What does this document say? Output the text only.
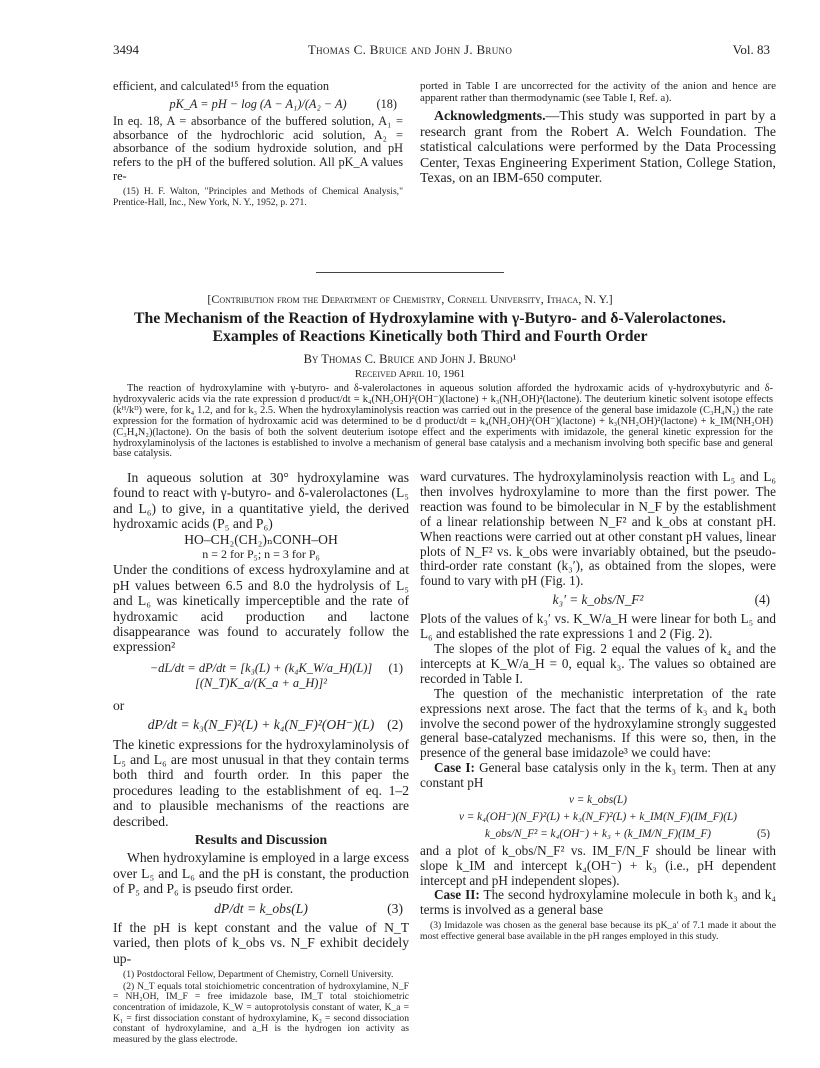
3494	Thomas C. Bruice and John J. Bruno	Vol. 83

efficient, and calculated¹⁵ from the equation

pK_A = pH − log (A − A₁)/(A₂ − A) (18)

In eq. 18, A = absorbance of the buffered solution, A₁ = absorbance of the hydrochloric acid solution, A₂ = absorbance of the sodium hydroxide solution, and pH refers to the pH of the buffered solution. All pK_A values re-

(15) H. F. Walton, "Principles and Methods of Chemical Analysis," Prentice-Hall, Inc., New York, N. Y., 1952, p. 271.

ported in Table I are uncorrected for the activity of the anion and hence are apparent rather than thermodynamic (see Table I, Ref. a).

Acknowledgments.—This study was supported in part by a research grant from the Robert A. Welch Foundation. The statistical calculations were performed by the Data Processing Center, Texas Engineering Experiment Station, College Station, Texas, on an IBM-650 computer.

[Contribution from the Department of Chemistry, Cornell University, Ithaca, N. Y.]
The Mechanism of the Reaction of Hydroxylamine with γ-Butyro- and δ-Valerolactones.
Examples of Reactions Kinetically both Third and Fourth Order
By Thomas C. Bruice and John J. Bruno¹
Received April 10, 1961
The reaction of hydroxylamine with γ-butyro- and δ-valerolactones in aqueous solution afforded the hydroxamic acids of γ-hydroxybutyric and δ-hydroxyvaleric acids via the rate expression d product/dt = k₄(NH₂OH)²(OH⁻)(lactone) + k₃(NH₂OH)²(lactone). The deuterium kinetic solvent isotope effects (kᴴ/kᴰ) were, for k₄ 1.2, and for k₃ 2.5. When the hydroxylaminolysis reaction was carried out in the presence of the general base imidazole (C₃H₄N₂) the rate expression for the formation of hydroxamic acid was determined to be d product/dt = k₄(NH₂OH)²(OH⁻)(lactone) + k₃(NH₂OH)²(lactone) + k_IM(NH₂OH)(C₃H₄N₂)(lactone). On the basis of both the solvent deuterium isotope effect and the experiments with imidazole, the general kinetic expression for the hydroxylaminolysis of the lactones is established to involve a mechanism of general base catalysis and a mechanism involving both specific base and general base catalysis.

In aqueous solution at 30° hydroxylamine was found to react with γ-butyro- and δ-valerolactones (L₅ and L₆) to give, in a quantitative yield, the derived hydroxamic acids (P₅ and P₆)

HO–CH₂(CH₂)ₙCONH–OH
n = 2 for P₅; n = 3 for P₆

Under the conditions of excess hydroxylamine and at pH values between 6.5 and 8.0 the hydrolysis of L₅ and L₆ was kinetically imperceptible and the rate of hydroxamic acid production and lactone disappearance was found to accurately follow the expression²

−dL/dt = dP/dt = [k₃(L) + (k₄K_W/a_H)(L)] [(N_T)K_a/(K_a + a_H)]²
(1)

or

dP/dt = k₃(N_F)²(L) + k₄(N_F)²(OH⁻)(L) (2)

The kinetic expressions for the hydroxylaminolysis of L₅ and L₆ are most unusual in that they contain terms both third and fourth order. In this paper the procedures leading to the establishment of eq. 1–2 and to plausible mechanisms of the reactions are described.

Results and Discussion

When hydroxylamine is employed in a large excess over L₅ and L₆ and the pH is constant, the production of P₅ and P₆ is pseudo first order.

dP/dt = k_obs(L)	(3)

If the pH is kept constant and the value of N_T varied, then plots of k_obs vs. N_F exhibit decidely up-

(1) Postdoctoral Fellow, Department of Chemistry, Cornell University.

(2) N_T equals total stoichiometric concentration of hydroxylamine, N_F = NH₂OH, IM_F = free imidazole base, IM_T total stoichiometric concentration of imidazole, K_W = autoprotolysis constant of water, K_a = K₁ = first dissociation constant of hydroxylamine, K₂ = second dissociation constant of hydroxylamine, and a_H is the hydrogen ion activity as measured by the glass electrode.

ward curvatures. The hydroxylaminolysis reaction with L₅ and L₆ then involves hydroxylamine to more than the first power. The reaction was found to be bimolecular in N_F by the establishment of a linear relationship between N_F² and k_obs at constant pH. When reactions were carried out at other constant pH values, linear plots of N_F² vs. k_obs were invariably obtained, but the pseudo-third-order rate constant (k₃′), as obtained from the slopes, were found to vary with pH (Fig. 1).

k₃′ = k_obs/N_F²	(4)

Plots of the values of k₃′ vs. K_W/a_H were linear for both L₅ and L₆ and established the rate expressions 1 and 2 (Fig. 2).

The slopes of the plot of Fig. 2 equal the values of k₄ and the intercepts at K_W/a_H = 0, equal k₃. The values so obtained are recorded in Table I.

The question of the mechanistic interpretation of the rate expressions next arose. The fact that the terms of k₃ and k₄ both involve the second power of the hydroxylamine strongly suggested general base-catalyzed mechanisms. If this were so, then, in the presence of the general base imidazole³ we could have:

Case I: General base catalysis only in the k₃ term. Then at any constant pH

v = k_obs(L)
v = k₄(OH⁻)(N_F)²(L) + k₃(N_F)²(L) + k_IM(N_F)(IM_F)(L)
k_obs/N_F² = k₄(OH⁻) + k₃ + (k_IM/N_F)(IM_F)	(5)

and a plot of k_obs/N_F² vs. IM_F/N_F should be linear with slope k_IM and intercept k₄(OH⁻) + k₃ (i.e., pH dependent intercept and pH independent slopes).

Case II: The second hydroxylamine molecule in both k₃ and k₄ terms is involved as a general base

(3) Imidazole was chosen as the general base because its pK_a′ of 7.1 made it about the most effective general base available in the pH ranges employed in this study.
